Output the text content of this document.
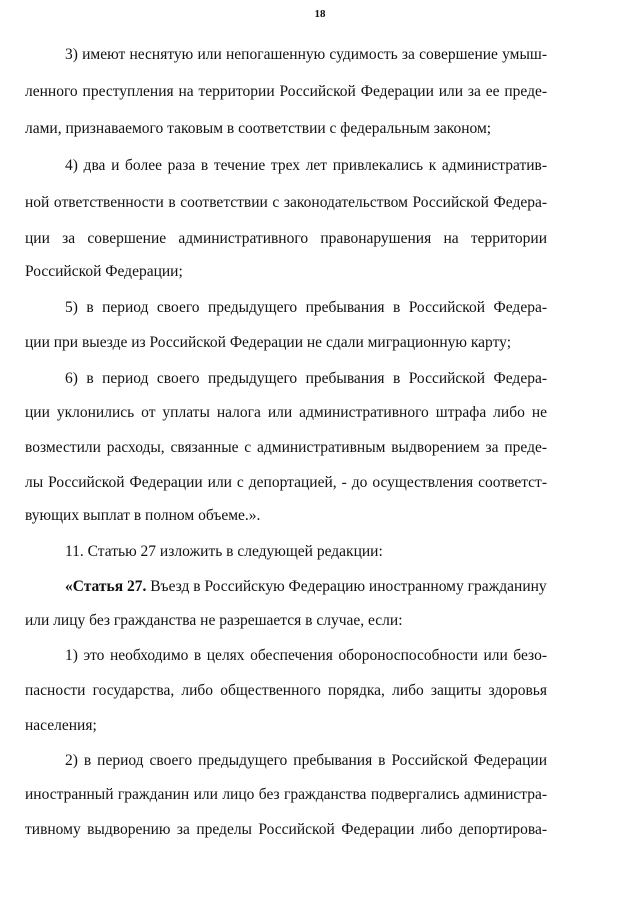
18
3) имеют неснятую или непогашенную судимость за совершение умыш-
ленного преступления на территории Российской Федерации или за ее преде-
лами, признаваемого таковым в соответствии с федеральным законом;
4) два и более раза в течение трех лет привлекались к административ-
ной ответственности в соответствии с законодательством Российской Федера-
ции за совершение административного правонарушения на территории
Российской Федерации;
5) в период своего предыдущего пребывания в Российской Федера-
ции при выезде из Российской Федерации не сдали миграционную карту;
6) в период своего предыдущего пребывания в Российской Федера-
ции уклонились от уплаты налога или административного штрафа либо не
возместили расходы, связанные с административным выдворением за преде-
лы Российской Федерации или с депортацией, - до осуществления соответст-
вующих выплат в полном объеме.».
11. Статью 27 изложить в следующей редакции:
«Статья 27. Въезд в Российскую Федерацию иностранному гражданину
или лицу без гражданства не разрешается в случае, если:
1) это необходимо в целях обеспечения обороноспособности или безо-
пасности государства, либо общественного порядка, либо защиты здоровья
населения;
2) в период своего предыдущего пребывания в Российской Федерации
иностранный гражданин или лицо без гражданства подвергались администра-
тивному выдворению за пределы Российской Федерации либо депортирова-
